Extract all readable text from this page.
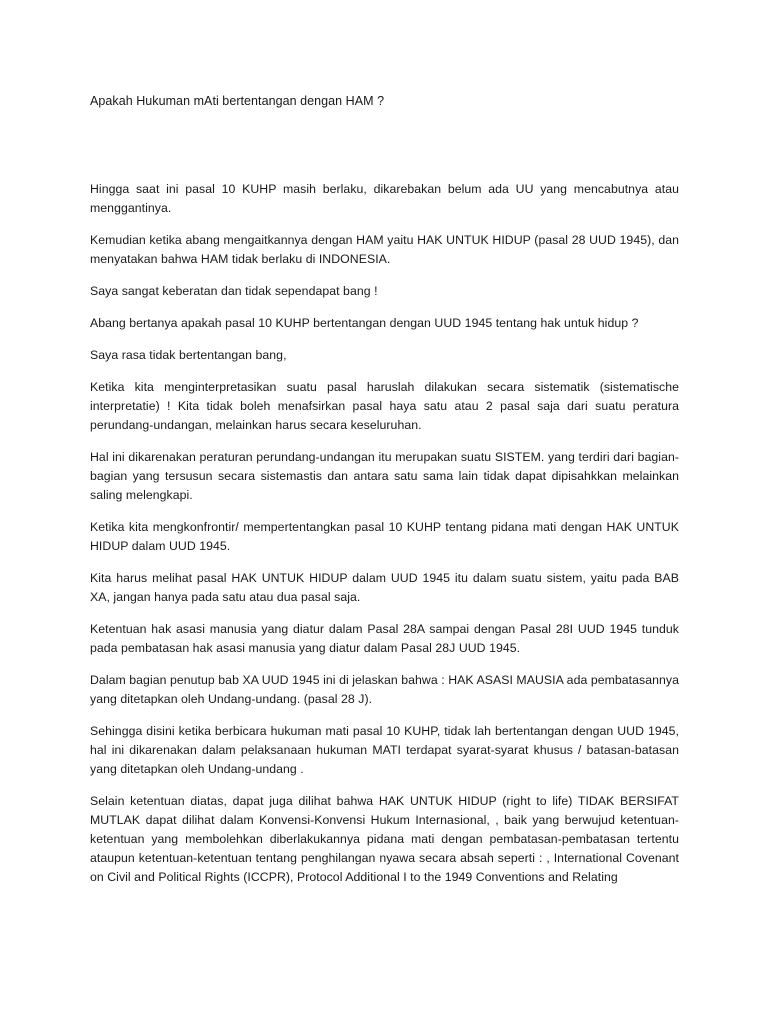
Apakah Hukuman mAti bertentangan dengan HAM ?

Hingga saat ini pasal 10 KUHP masih berlaku, dikarebakan belum ada UU yang mencabutnya atau menggantinya.

Kemudian ketika abang mengaitkannya dengan HAM yaitu HAK UNTUK HIDUP (pasal 28 UUD 1945), dan menyatakan bahwa HAM tidak berlaku di INDONESIA.

Saya sangat keberatan dan tidak sependapat bang !

Abang bertanya apakah pasal 10 KUHP bertentangan dengan UUD 1945 tentang hak untuk hidup ?

Saya rasa tidak bertentangan bang,

Ketika kita menginterpretasikan suatu pasal haruslah dilakukan secara sistematik (sistematische interpretatie) ! Kita tidak boleh menafsirkan pasal haya satu atau 2 pasal saja dari suatu peratura perundang-undangan, melainkan harus secara keseluruhan.

Hal ini dikarenakan peraturan perundang-undangan itu merupakan suatu SISTEM. yang terdiri dari bagian-bagian yang tersusun secara sistemastis dan antara satu sama lain tidak dapat dipisahkkan melainkan saling melengkapi.

Ketika kita mengkonfrontir/ mempertentangkan pasal 10 KUHP tentang pidana mati dengan HAK UNTUK HIDUP dalam UUD 1945.

Kita harus melihat pasal HAK UNTUK HIDUP dalam UUD 1945 itu dalam suatu sistem, yaitu pada BAB XA, jangan hanya pada satu atau dua pasal saja.

Ketentuan hak asasi manusia yang diatur dalam Pasal 28A sampai dengan Pasal 28I UUD 1945 tunduk pada pembatasan hak asasi manusia yang diatur dalam Pasal 28J UUD 1945.

Dalam bagian penutup bab XA UUD 1945 ini di jelaskan bahwa : HAK ASASI MAUSIA ada pembatasannya yang ditetapkan oleh Undang-undang. (pasal 28 J).

Sehingga disini ketika berbicara hukuman mati pasal 10 KUHP, tidak lah bertentangan dengan UUD 1945, hal ini dikarenakan dalam pelaksanaan hukuman MATI terdapat syarat-syarat khusus / batasan-batasan yang ditetapkan oleh Undang-undang .

Selain ketentuan diatas, dapat juga dilihat bahwa HAK UNTUK HIDUP (right to life) TIDAK BERSIFAT MUTLAK dapat dilihat dalam Konvensi-Konvensi Hukum Internasional, , baik yang berwujud ketentuan-ketentuan yang membolehkan diberlakukannya pidana mati dengan pembatasan-pembatasan tertentu ataupun ketentuan-ketentuan tentang penghilangan nyawa secara absah seperti : , International Covenant on Civil and Political Rights (ICCPR), Protocol Additional I to the 1949 Conventions and Relating
